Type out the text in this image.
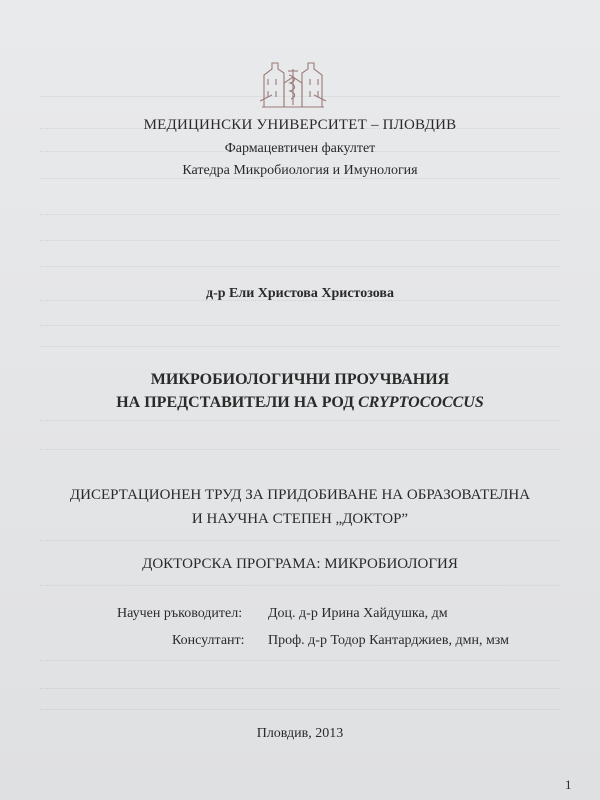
МЕДИЦИНСКИ УНИВЕРСИТЕТ – ПЛОВДИВ
Фармацевтичен факултет
Катедра Микробиология и Имунология
д-р Ели Христова Христозова
МИКРОБИОЛОГИЧНИ ПРОУЧВАНИЯ
НА ПРЕДСТАВИТЕЛИ НА РОД CRYPTOCOCCUS
ДИСЕРТАЦИОНЕН ТРУД ЗА ПРИДОБИВАНЕ НА ОБРАЗОВАТЕЛНА
И НАУЧНА СТЕПЕН „ДОКТОР”
ДОКТОРСКА ПРОГРАМА: МИКРОБИОЛОГИЯ
Научен ръководител: Доц. д-р Ирина Хайдушка, дм
Консултант: Проф. д-р Тодор Кантарджиев, дмн, мзм
Пловдив, 2013
1
